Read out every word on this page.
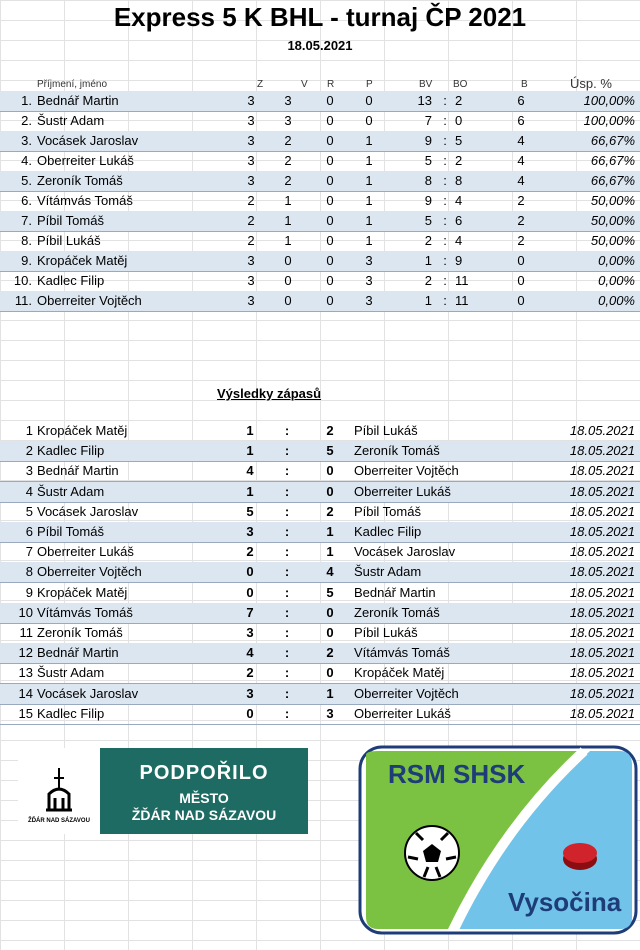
Express 5 K BHL - turnaj ČP 2021
18.05.2021
Příjmení, jméno	Z	V R	P	BV BO	B	Úsp. %
1. Bednář Martin	3 3	0 0	13 : 2	6	100,00%
2. Šustr Adam	3 3	0 0	7 : 0	6	100,00%
3. Vocásek Jaroslav	3 2	0 1	9 : 5	4	66,67%
4. Oberreiter Lukáš	3 2	0 1	5 : 2	4	66,67%
5. Zeroník Tomáš	3 2	0 1	8 : 8	4	66,67%
6. Vítámvás Tomáš	2 1	0 1	9 : 4	2	50,00%
7. Píbil Tomáš	2 1	0 1	5 : 6	2	50,00%
8. Píbil Lukáš	2 1	0 1	2 : 4	2	50,00%
9. Kropáček Matěj	3 0	0 3	1 : 9	0	0,00%
10. Kadlec Filip	3 0	0 3	2 : 11	0	0,00%
11. Oberreiter Vojtěch	3 0	0 3	1 : 11	0	0,00%
Výsledky zápasů
1 Kropáček Matěj	1 :	2 Píbil Lukáš	18.05.2021
2 Kadlec Filip	1 :	5 Zeroník Tomáš	18.05.2021
3 Bednář Martin	4 :	0 Oberreiter Vojtěch	18.05.2021
4 Šustr Adam	1 :	0 Oberreiter Lukáš	18.05.2021
5 Vocásek Jaroslav	5 :	2 Píbil Tomáš	18.05.2021
6 Píbil Tomáš	3 :	1 Kadlec Filip	18.05.2021
7 Oberreiter Lukáš	2 :	1 Vocásek Jaroslav	18.05.2021
8 Oberreiter Vojtěch	0 :	4 Šustr Adam	18.05.2021
9 Kropáček Matěj	0 :	5 Bednář Martin	18.05.2021
10 Vítámvás Tomáš	7 :	0 Zeroník Tomáš	18.05.2021
11 Zeroník Tomáš	3 :	0 Píbil Lukáš	18.05.2021
12 Bednář Martin	4 :	2 Vítámvás Tomáš	18.05.2021
13 Šustr Adam	2 :	0 Kropáček Matěj	18.05.2021
14 Vocásek Jaroslav	3 :	1 Oberreiter Vojtěch	18.05.2021
15 Kadlec Filip	0 :	3 Oberreiter Lukáš	18.05.2021
ŽĎÁR NAD SÁZAVOU
PODPOŘILO
MĚSTO
ŽĎÁR NAD SÁZAVOU
RSM SHSK
Vysočina
